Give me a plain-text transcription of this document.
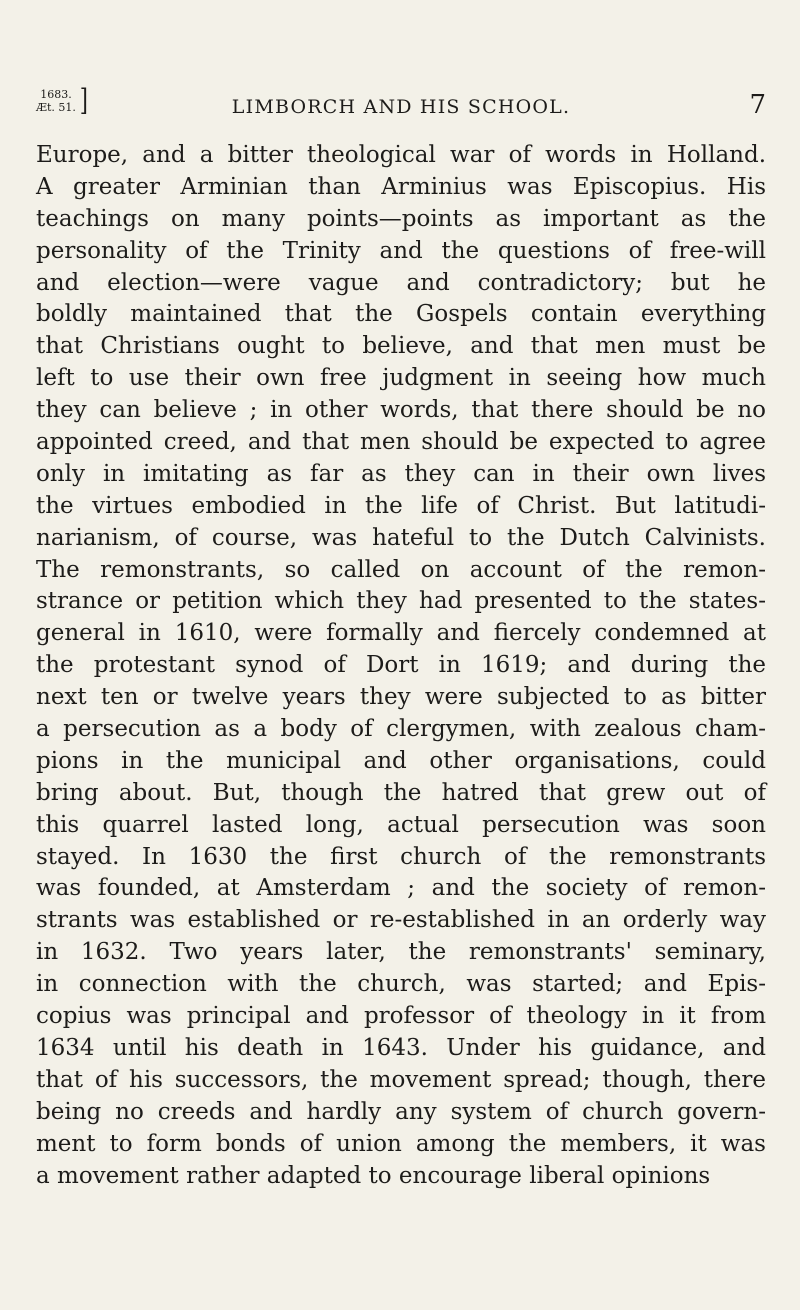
1683.
Æt. 51. ]	LIMBORCH AND HIS SCHOOL.	7
Europe, and a bitter theological war of words in Holland.
A greater Arminian than Arminius was Episcopius. His
teachings on many points—points as important as the
personality of the Trinity and the questions of free-will
and election—were vague and contradictory; but he
boldly maintained that the Gospels contain everything
that Christians ought to believe, and that men must be
left to use their own free judgment in seeing how much
they can believe ; in other words, that there should be no
appointed creed, and that men should be expected to agree
only in imitating as far as they can in their own lives
the virtues embodied in the life of Christ. But latitudi-
narianism, of course, was hateful to the Dutch Calvinists.
The remonstrants, so called on account of the remon-
strance or petition which they had presented to the states-
general in 1610, were formally and fiercely condemned at
the protestant synod of Dort in 1619; and during the
next ten or twelve years they were subjected to as bitter
a persecution as a body of clergymen, with zealous cham-
pions in the municipal and other organisations, could
bring about. But, though the hatred that grew out of
this quarrel lasted long, actual persecution was soon
stayed. In 1630 the first church of the remonstrants
was founded, at Amsterdam ; and the society of remon-
strants was established or re-established in an orderly way
in 1632. Two years later, the remonstrants' seminary,
in connection with the church, was started; and Epis-
copius was principal and professor of theology in it from
1634 until his death in 1643. Under his guidance, and
that of his successors, the movement spread; though, there
being no creeds and hardly any system of church govern-
ment to form bonds of union among the members, it was
a movement rather adapted to encourage liberal opinions
